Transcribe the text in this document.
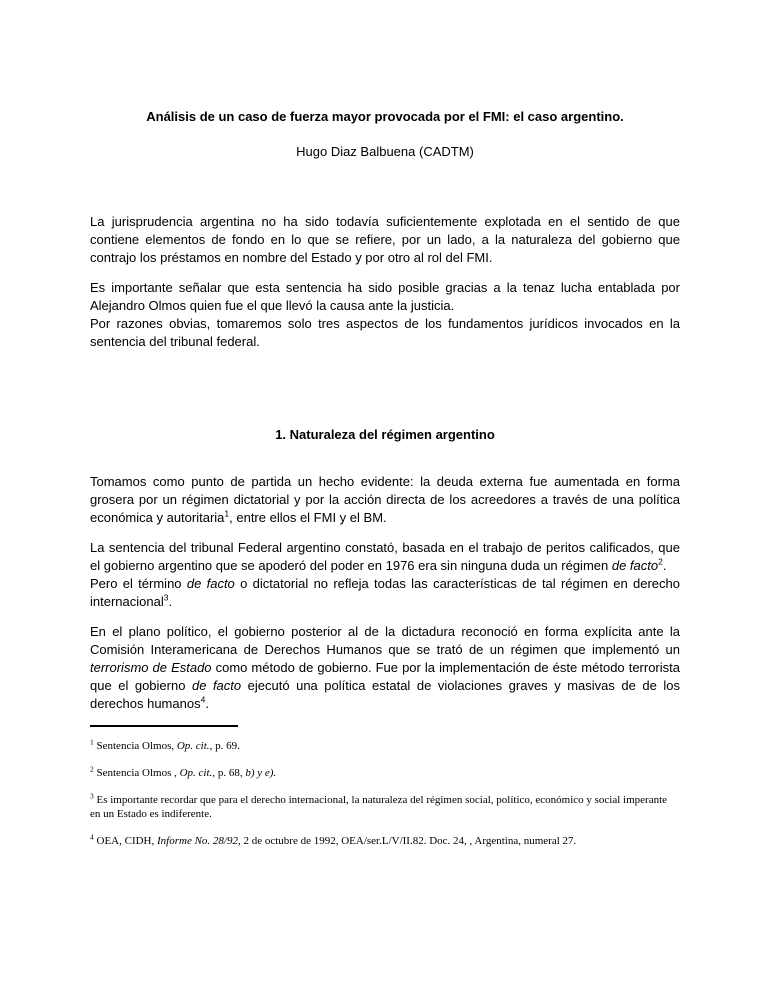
Análisis de un caso de fuerza mayor provocada por el FMI: el caso argentino.

Hugo Diaz Balbuena (CADTM)

La jurisprudencia argentina no ha sido todavía suficientemente explotada en el sentido de que contiene elementos de fondo en lo que se refiere, por un lado, a la naturaleza del gobierno que contrajo los préstamos en nombre del Estado y por otro al rol del FMI.

Es importante señalar que esta sentencia ha sido posible gracias a la tenaz lucha entablada por Alejandro Olmos quien fue el que llevó la causa ante la justicia.

Por razones obvias, tomaremos solo tres aspectos de los fundamentos jurídicos invocados en la sentencia del tribunal federal.

1. Naturaleza del régimen argentino

Tomamos como punto de partida un hecho evidente: la deuda externa fue aumentada en forma grosera por un régimen dictatorial y por la acción directa de los acreedores a través de una política económica y autoritaria$^1$, entre ellos el FMI y el BM.

La sentencia del tribunal Federal argentino constató, basada en el trabajo de peritos calificados, que el gobierno argentino que se apoderó del poder en 1976 era sin ninguna duda un régimen de facto$^2$.

Pero el término de facto o dictatorial no refleja todas las características de tal régimen en derecho internacional$^3$.

En el plano político, el gobierno posterior al de la dictadura reconoció en forma explícita ante la Comisión Interamericana de Derechos Humanos que se trató de un régimen que implementó un terrorismo de Estado como método de gobierno. Fue por la implementación de éste método terrorista que el gobierno de facto ejecutó una política estatal de violaciones graves y masivas de de los derechos humanos$^4$.

$^1$ Sentencia Olmos, Op. cit., p. 69.
$^2$ Sentencia Olmos , Op. cit., p. 68, b) y e).
$^3$ Es importante recordar que para el derecho internacional, la naturaleza del régimen social, político, económico y social imperante en un Estado es indiferente.
$^4$ OEA, CIDH, Informe No. 28/92, 2 de octubre de 1992, OEA/ser.L/V/II.82. Doc. 24, , Argentina, numeral 27.
